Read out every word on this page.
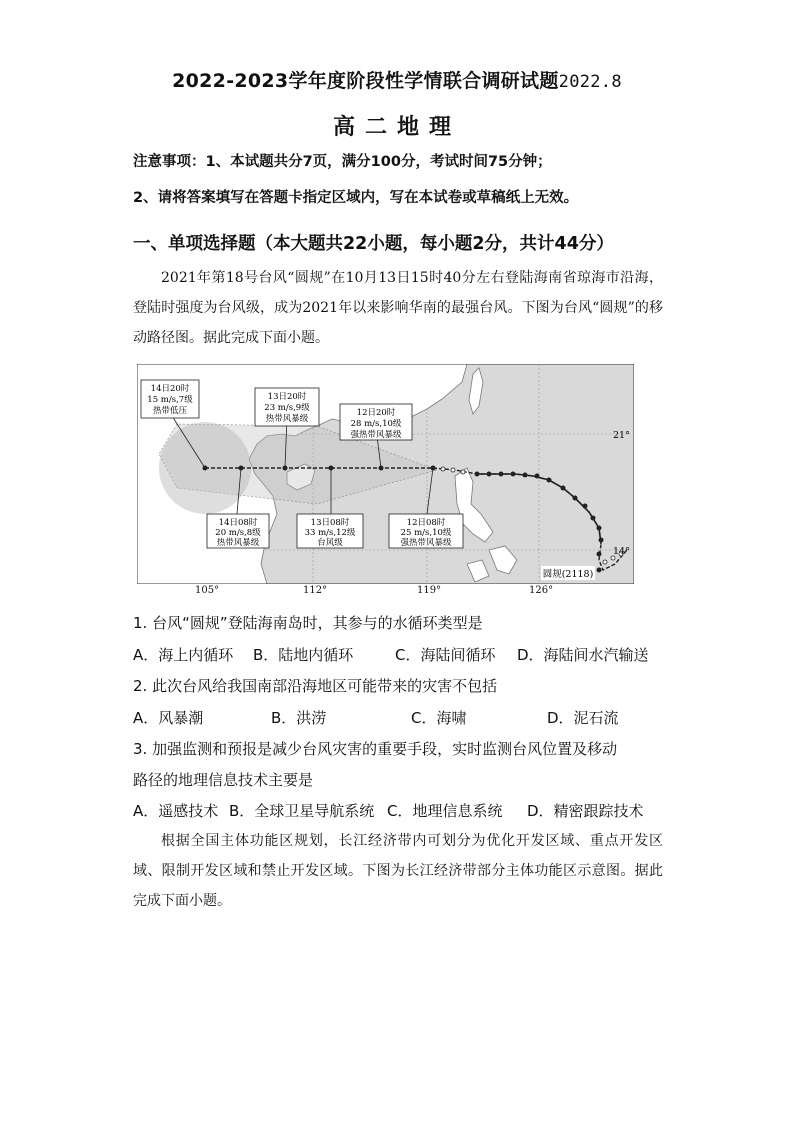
2022-2023学年度阶段性学情联合调研试题2022.8
高二地理
注意事项：1、本试题共分7页，满分100分，考试时间75分钟；
2、请将答案填写在答题卡指定区域内，写在本试卷或草稿纸上无效。
一、单项选择题（本大题共22小题，每小题2分，共计44分）
2021年第18号台风“圆规”在10月13日15时40分左右登陆海南省琼海市沿海，登陆时强度为台风级，成为2021年以来影响华南的最强台风。下图为台风“圆规”的移动路径图。据此完成下面小题。
14日20时
15 m/s,7级
热带低压
13日20时
23 m/s,9级
热带风暴级
12日20时
28 m/s,10级
强热带风暴级
14日08时
20 m/s,8级
热带风暴级
13日08时
33 m/s,12级
台风级
12日08时
25 m/s,10级
强热带风暴级
圆规(2118)
21°
14°
105°	112°	119°	126°
1. 台风“圆规”登陆海南岛时，其参与的水循环类型是
A．海上内循环 B．陆地内循环	C．海陆间循环 D．海陆间水汽输送
2. 此次台风给我国南部沿海地区可能带来的灾害不包括
A．风暴潮	B．洪涝	C．海啸	D．泥石流
3. 加强监测和预报是减少台风灾害的重要手段，实时监测台风位置及移动
路径的地理信息技术主要是
A．遥感技术 B．全球卫星导航系统 C．地理信息系统 D．精密跟踪技术
根据全国主体功能区规划，长江经济带内可划分为优化开发区域、重点开发区域、限制开发区域和禁止开发区域。下图为长江经济带部分主体功能区示意图。据此完成下面小题。
